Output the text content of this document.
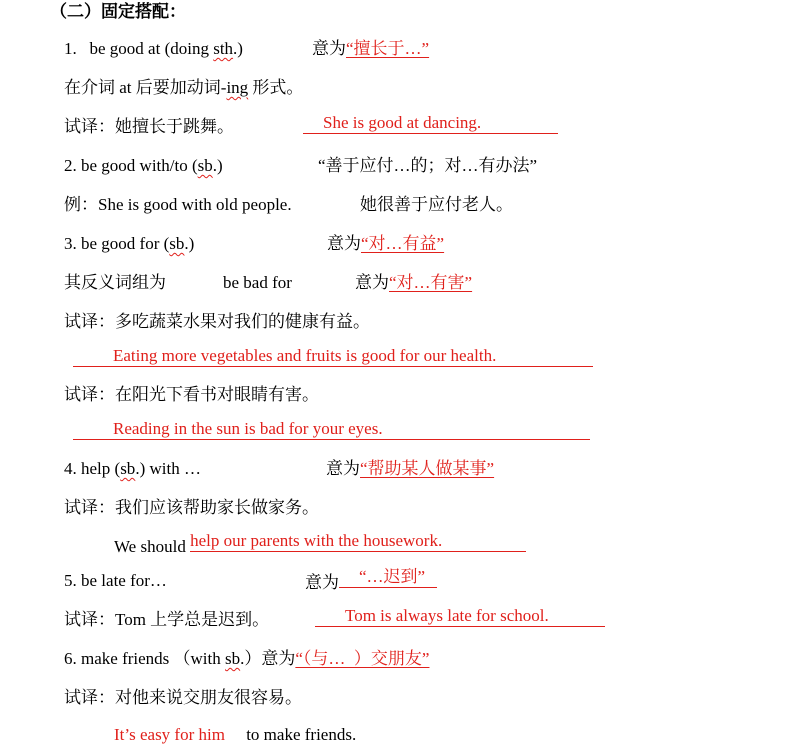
（二）固定搭配：
1. be good at (doing sth.)	意为“擅长于…”
在介词 at 后要加动词-ing 形式。
试译：她擅长于跳舞。	She is good at dancing.
2. be good with/to (sb.)	“善于应付…的；对…有办法”
例：She is good with old people.	她很善于应付老人。
3. be good for (sb.)	意为“对…有益”
其反义词组为	be bad for	意为“对…有害”
试译：多吃蔬菜水果对我们的健康有益。
Eating more vegetables and fruits is good for our health.
试译：在阳光下看书对眼睛有害。
Reading in the sun is bad for your eyes.
4. help (sb.) with …	意为“帮助某人做某事”
试译：我们应该帮助家长做家务。
We should help our parents with the housework.
5. be late for…	意为 “…迟到”
试译：Tom 上学总是迟到。	Tom is always late for school.
6. make friends （with sb.）意为“（与…  ）交朋友”
试译：对他来说交朋友很容易。
It’s easy for him to make friends.
